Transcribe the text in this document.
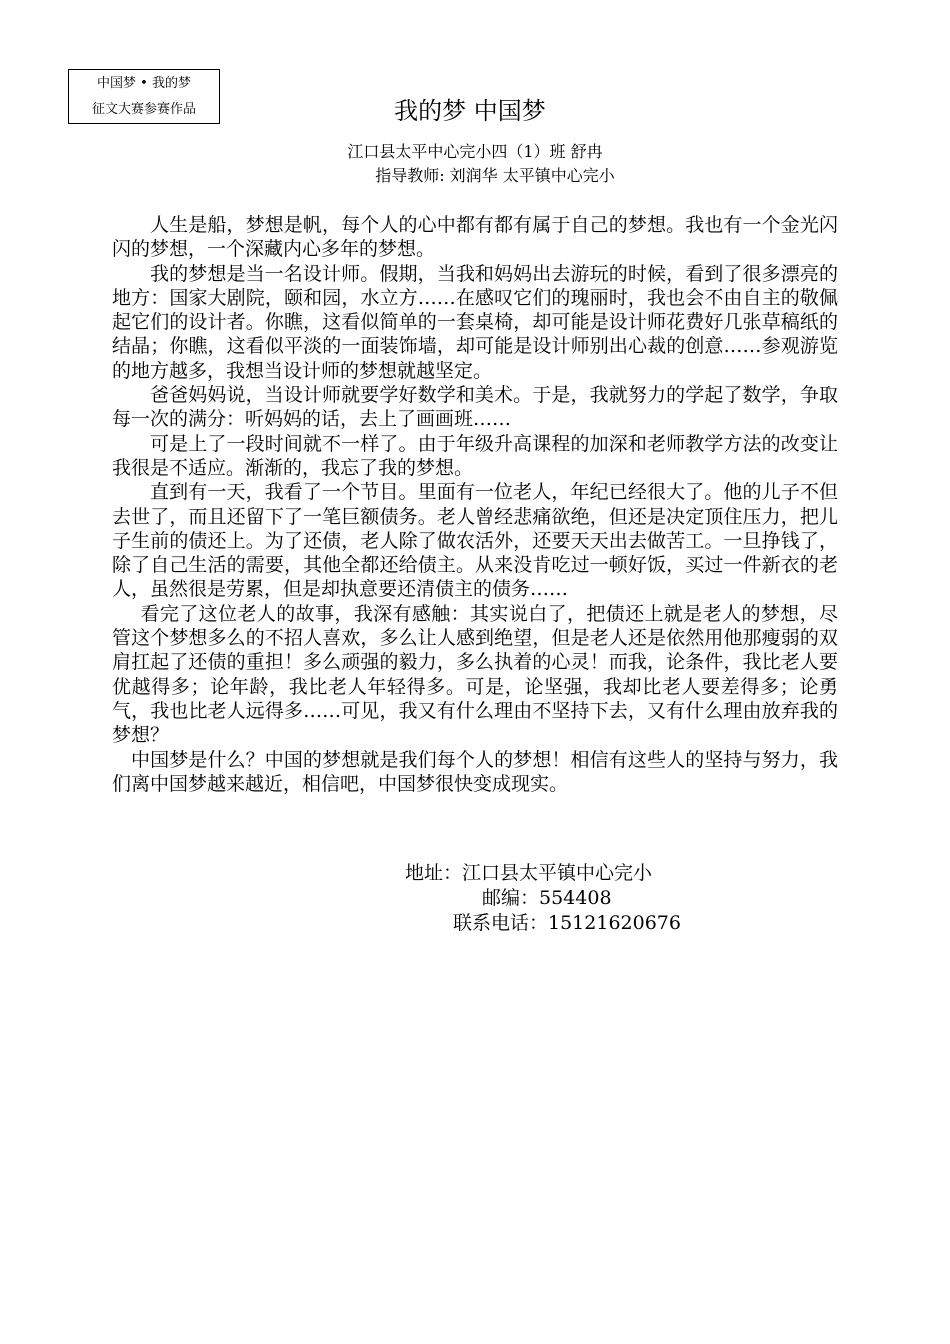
中国梦 • 我的梦
征文大赛参赛作品	我的梦 中国梦
江口县太平中心完小四（1）班 舒冉
指导教师: 刘润华 太平镇中心完小

人生是船，梦想是帆，每个人的心中都有都有属于自己的梦想。我也有一个金光闪闪的梦想，一个深藏内心多年的梦想。

我的梦想是当一名设计师。假期，当我和妈妈出去游玩的时候，看到了很多漂亮的地方：国家大剧院，颐和园，水立方……在感叹它们的瑰丽时，我也会不由自主的敬佩起它们的设计者。你瞧，这看似简单的一套桌椅，却可能是设计师花费好几张草稿纸的结晶；你瞧，这看似平淡的一面装饰墙，却可能是设计师别出心裁的创意……参观游览的地方越多，我想当设计师的梦想就越坚定。

爸爸妈妈说，当设计师就要学好数学和美术。于是，我就努力的学起了数学，争取每一次的满分：听妈妈的话，去上了画画班……

可是上了一段时间就不一样了。由于年级升高课程的加深和老师教学方法的改变让我很是不适应。渐渐的，我忘了我的梦想。

直到有一天，我看了一个节目。里面有一位老人，年纪已经很大了。他的儿子不但去世了，而且还留下了一笔巨额债务。老人曾经悲痛欲绝，但还是决定顶住压力，把儿子生前的债还上。为了还债，老人除了做农活外，还要天天出去做苦工。一旦挣钱了，除了自己生活的需要，其他全都还给债主。从来没肯吃过一顿好饭，买过一件新衣的老人，虽然很是劳累，但是却执意要还清债主的债务……

看完了这位老人的故事，我深有感触：其实说白了，把债还上就是老人的梦想，尽管这个梦想多么的不招人喜欢，多么让人感到绝望，但是老人还是依然用他那瘦弱的双肩扛起了还债的重担！多么顽强的毅力，多么执着的心灵！而我，论条件，我比老人要优越得多；论年龄，我比老人年轻得多。可是，论坚强，我却比老人要差得多；论勇气，我也比老人远得多……可见，我又有什么理由不坚持下去，又有什么理由放弃我的梦想？

中国梦是什么？中国的梦想就是我们每个人的梦想！相信有这些人的坚持与努力，我们离中国梦越来越近，相信吧，中国梦很快变成现实。

地址：江口县太平镇中心完小
邮编：554408
联系电话：15121620676
